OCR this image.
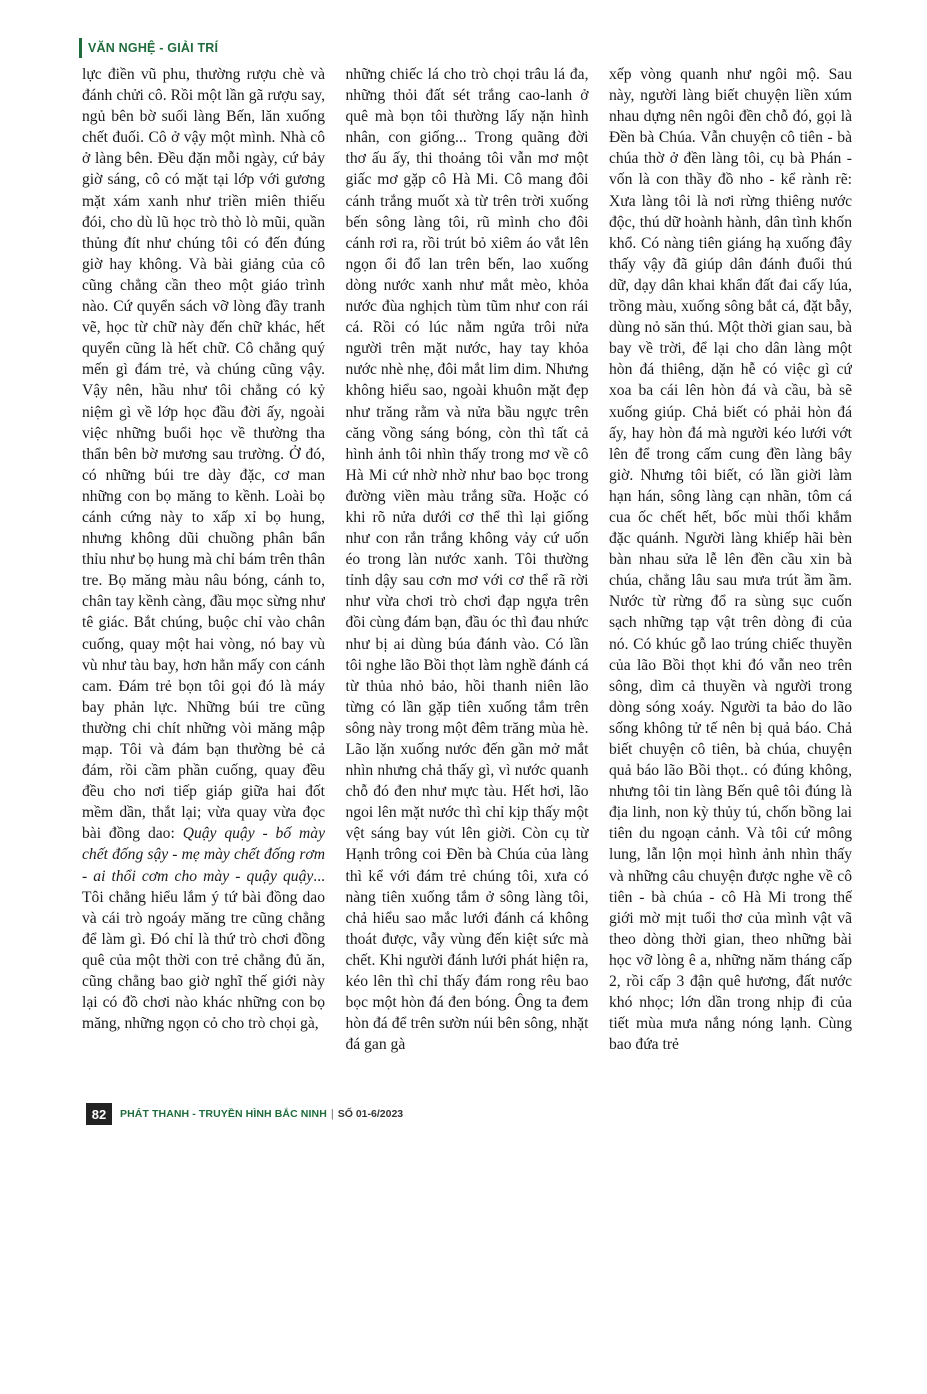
VĂN NGHỆ - GIẢI TRÍ

lực điền vũ phu, thường rượu chè và đánh chửi cô. Rồi một lần gã rượu say, ngủ bên bờ suối làng Bến, lăn xuống chết đuối. Cô ở vậy một mình. Nhà cô ở làng bên. Đều đặn mỗi ngày, cứ bảy giờ sáng, cô có mặt tại lớp với gương mặt xám xanh như triền miên thiếu đói, cho dù lũ học trò thò lò mũi, quần thủng đít như chúng tôi có đến đúng giờ hay không. Và bài giảng của cô cũng chẳng cần theo một giáo trình nào. Cứ quyển sách vỡ lòng đầy tranh vẽ, học từ chữ này đến chữ khác, hết quyển cũng là hết chữ. Cô chẳng quý mến gì đám trẻ, và chúng cũng vậy. Vậy nên, hầu như tôi chẳng có kỷ niệm gì về lớp học đầu đời ấy, ngoài việc những buổi học về thường tha thẩn bên bờ mương sau trường. Ở đó, có những búi tre dày đặc, cơ man những con bọ măng to kềnh. Loài bọ cánh cứng này to xấp xỉ bọ hung, nhưng không dũi chuồng phân bẩn thỉu như bọ hung mà chỉ bám trên thân tre. Bọ măng màu nâu bóng, cánh to, chân tay kềnh càng, đầu mọc sừng như tê giác. Bắt chúng, buộc chỉ vào chân cuống, quay một hai vòng, nó bay vù vù như tàu bay, hơn hẳn mấy con cánh cam. Đám trẻ bọn tôi gọi đó là máy bay phản lực. Những búi tre cũng thường chi chít những vòi măng mập mạp. Tôi và đám bạn thường bẻ cả đám, rồi cầm phần cuống, quay đều đều cho nơi tiếp giáp giữa hai đốt mềm dần, thắt lại; vừa quay vừa đọc bài đồng dao: Quậy quậy - bố mày chết đống sậy - mẹ mày chết đống rơm - ai thổi cơm cho mày - quậy quậy... Tôi chẳng hiểu lắm ý tứ bài đồng dao và cái trò ngoáy măng tre cũng chẳng để làm gì. Đó chỉ là thứ trò chơi đồng quê của một thời con trẻ chẳng đủ ăn, cũng chẳng bao giờ nghĩ thế giới này lại có đồ chơi nào khác những con bọ măng, những ngọn cỏ cho trò chọi gà,

những chiếc lá cho trò chọi trâu lá đa, những thỏi đất sét trắng cao-lanh ở quê mà bọn tôi thường lấy nặn hình nhân, con giống... Trong quãng đời thơ ấu ấy, thi thoảng tôi vẫn mơ một giấc mơ gặp cô Hà Mi. Cô mang đôi cánh trắng muốt xà từ trên trời xuống bến sông làng tôi, rũ mình cho đôi cánh rơi ra, rồi trút bỏ xiêm áo vắt lên ngọn ổi đổ lan trên bến, lao xuống dòng nước xanh như mắt mèo, khỏa nước đùa nghịch tùm tũm như con rái cá. Rồi có lúc nằm ngửa trôi nửa người trên mặt nước, hay tay khỏa nước nhè nhẹ, đôi mắt lim dim. Nhưng không hiểu sao, ngoài khuôn mặt đẹp như trăng rằm và nửa bầu ngực trên căng vồng sáng bóng, còn thì tất cả hình ảnh tôi nhìn thấy trong mơ về cô Hà Mi cứ nhờ nhờ như bao bọc trong đường viền màu trắng sữa. Hoặc có khi rõ nửa dưới cơ thể thì lại giống như con rắn trắng không vảy cứ uốn éo trong làn nước xanh. Tôi thường tỉnh dậy sau cơn mơ với cơ thể rã rời như vừa chơi trò chơi đạp ngựa trên đồi cùng đám bạn, đầu óc thì đau nhức như bị ai dùng búa đánh vào. Có lần tôi nghe lão Bồi thọt làm nghề đánh cá từ thủa nhỏ bảo, hồi thanh niên lão từng có lần gặp tiên xuống tắm trên sông này trong một đêm trăng mùa hè. Lão lặn xuống nước đến gần mở mắt nhìn nhưng chả thấy gì, vì nước quanh chỗ đó đen như mực tàu. Hết hơi, lão ngoi lên mặt nước thì chỉ kịp thấy một vệt sáng bay vút lên giời. Còn cụ từ Hạnh trông coi Đền bà Chúa của làng thì kể với đám trẻ chúng tôi, xưa có nàng tiên xuống tắm ở sông làng tôi, chả hiểu sao mắc lưới đánh cá không thoát được, vẫy vùng đến kiệt sức mà chết. Khi người đánh lưới phát hiện ra, kéo lên thì chỉ thấy đám rong rêu bao bọc một hòn đá đen bóng. Ông ta đem hòn đá để trên sườn núi bên sông, nhặt đá gan gà

xếp vòng quanh như ngôi mộ. Sau này, người làng biết chuyện liền xúm nhau dựng nên ngôi đền chỗ đó, gọi là Đền bà Chúa. Vẫn chuyện cô tiên - bà chúa thờ ở đền làng tôi, cụ bà Phán - vốn là con thầy đồ nho - kể rành rẽ: Xưa làng tôi là nơi rừng thiêng nước độc, thú dữ hoành hành, dân tình khốn khổ. Có nàng tiên giáng hạ xuống đây thấy vậy đã giúp dân đánh đuổi thú dữ, dạy dân khai khẩn đất đai cấy lúa, trồng màu, xuống sông bắt cá, đặt bẫy, dùng nỏ săn thú. Một thời gian sau, bà bay về trời, để lại cho dân làng một hòn đá thiêng, dặn hễ có việc gì cứ xoa ba cái lên hòn đá và cầu, bà sẽ xuống giúp. Chả biết có phải hòn đá ấy, hay hòn đá mà người kéo lưới vớt lên để trong cấm cung đền làng bây giờ. Nhưng tôi biết, có lần giời làm hạn hán, sông làng cạn nhãn, tôm cá cua ốc chết hết, bốc mùi thối khắm đặc quánh. Người làng khiếp hãi bèn bàn nhau sửa lễ lên đền cầu xin bà chúa, chẳng lâu sau mưa trút ầm ầm. Nước từ rừng đổ ra sùng sục cuốn sạch những tạp vật trên dòng đi của nó. Có khúc gỗ lao trúng chiếc thuyền của lão Bồi thọt khi đó vẫn neo trên sông, dìm cả thuyền và người trong dòng sóng xoáy. Người ta bảo do lão sống không tử tế nên bị quả báo. Chả biết chuyện cô tiên, bà chúa, chuyện quả báo lão Bồi thọt.. có đúng không, nhưng tôi tin làng Bến quê tôi đúng là địa linh, non kỳ thủy tú, chốn bồng lai tiên du ngoạn cảnh. Và tôi cứ mông lung, lẫn lộn mọi hình ảnh nhìn thấy và những câu chuyện được nghe về cô tiên - bà chúa - cô Hà Mi trong thế giới mờ mịt tuổi thơ của mình vật vã theo dòng thời gian, theo những bài học vỡ lòng ê a, những năm tháng cấp 2, rồi cấp 3 đận quê hương, đất nước khó nhọc; lớn dần trong nhịp đi của tiết mùa mưa nắng nóng lạnh. Cùng bao đứa trẻ

82	PHÁT THANH - TRUYỀN HÌNH BẮC NINH | SỐ 01-6/2023
